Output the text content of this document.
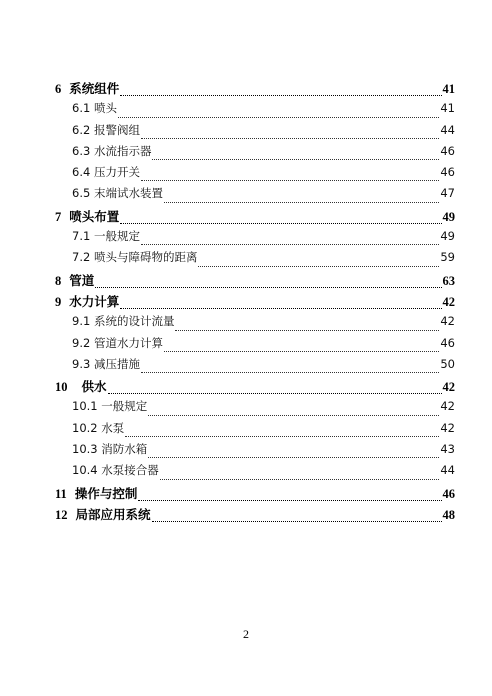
6 系统组件	41
6.1 喷头	41
6.2 报警阀组	44
6.3 水流指示器	46
6.4 压力开关	46
6.5 末端试水装置	47
7 喷头布置	49
7.1 一般规定	49
7.2 喷头与障碍物的距离	59
8 管道	63
9 水力计算	42
9.1 系统的设计流量	42
9.2 管道水力计算	46
9.3 减压措施	50
10 供水	42
10.1 一般规定	42
10.2 水泵	42
10.3 消防水箱	43
10.4 水泵接合器	44
11 操作与控制	46
12 局部应用系统	48
2
